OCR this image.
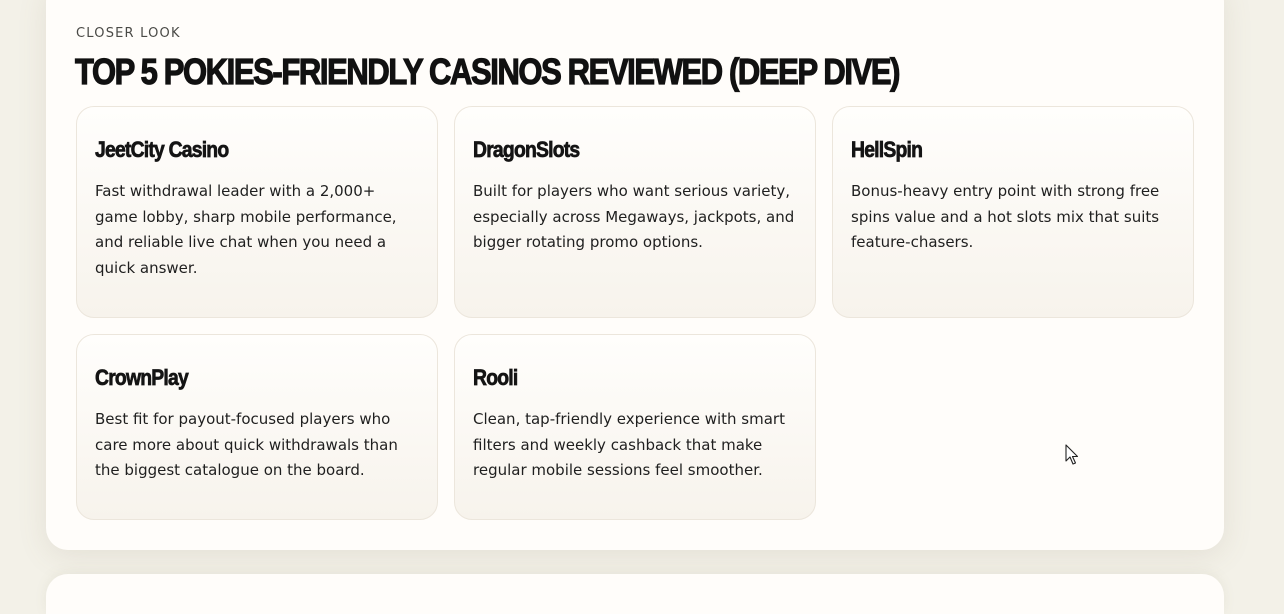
CLOSER LOOK
TOP 5 POKIES-FRIENDLY CASINOS REVIEWED (DEEP DIVE)
JeetCity Casino

Fast withdrawal leader with a 2,000+ game lobby, sharp mobile performance, and reliable live chat when you need a quick answer.

DragonSlots

Built for players who want serious variety, especially across Megaways, jackpots, and bigger rotating promo options.

HellSpin

Bonus-heavy entry point with strong free spins value and a hot slots mix that suits feature-chasers.

CrownPlay

Best fit for payout-focused players who care more about quick withdrawals than the biggest catalogue on the board.

Rooli

Clean, tap-friendly experience with smart filters and weekly cashback that make regular mobile sessions feel smoother.
